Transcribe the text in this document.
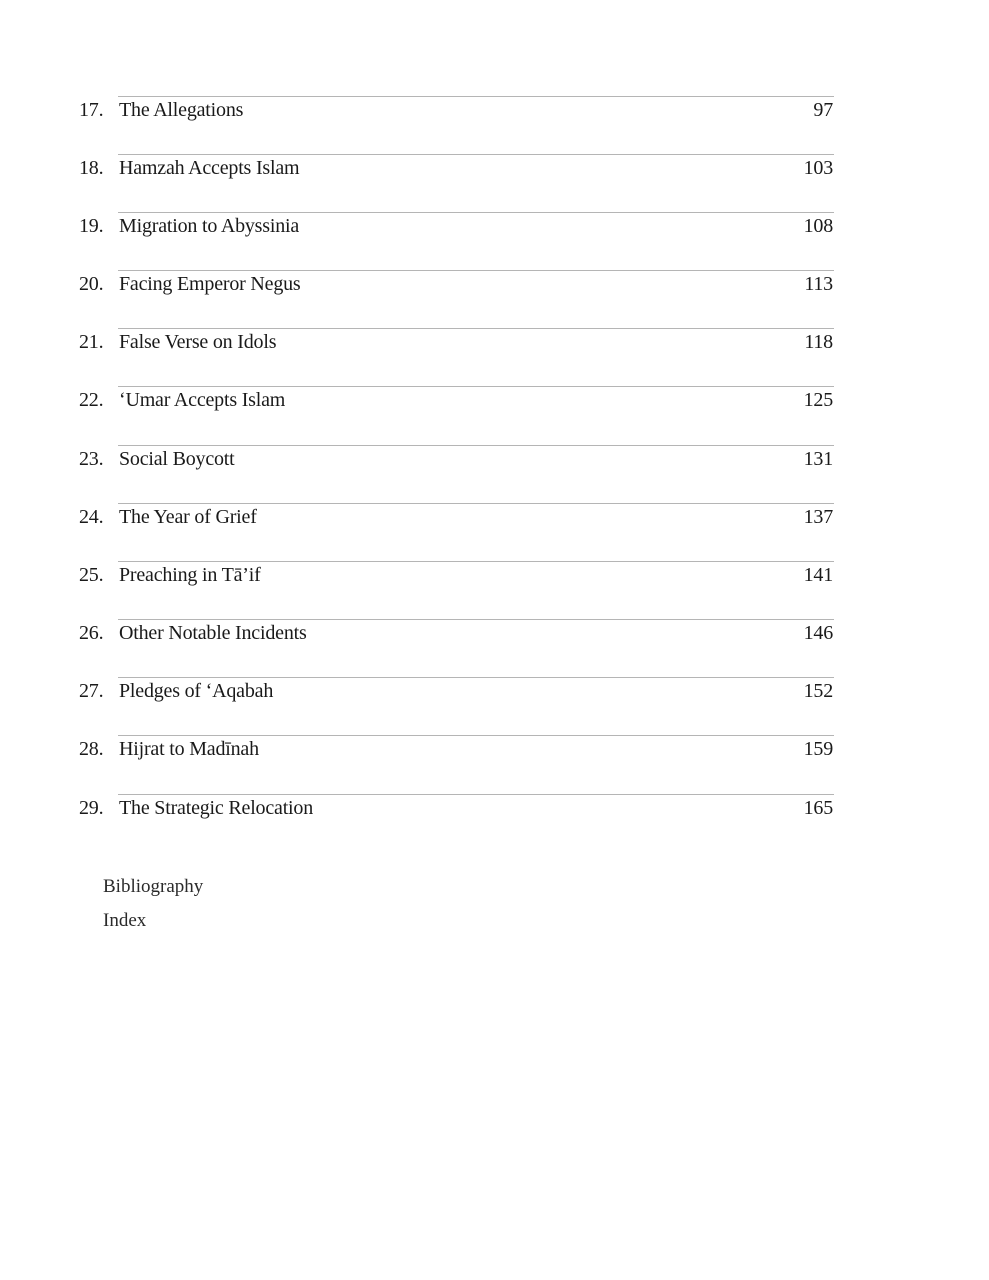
17. The Allegations	97
18. Hamzah Accepts Islam	103
19. Migration to Abyssinia	108
20. Facing Emperor Negus	113
21. False Verse on Idols	118
22. ‘Umar Accepts Islam	125
23. Social Boycott	131
24. The Year of Grief	137
25. Preaching in Tā’if	141
26. Other Notable Incidents	146
27. Pledges of ‘Aqabah	152
28. Hijrat to Madīnah	159
29. The Strategic Relocation	165
Bibliography
Index
